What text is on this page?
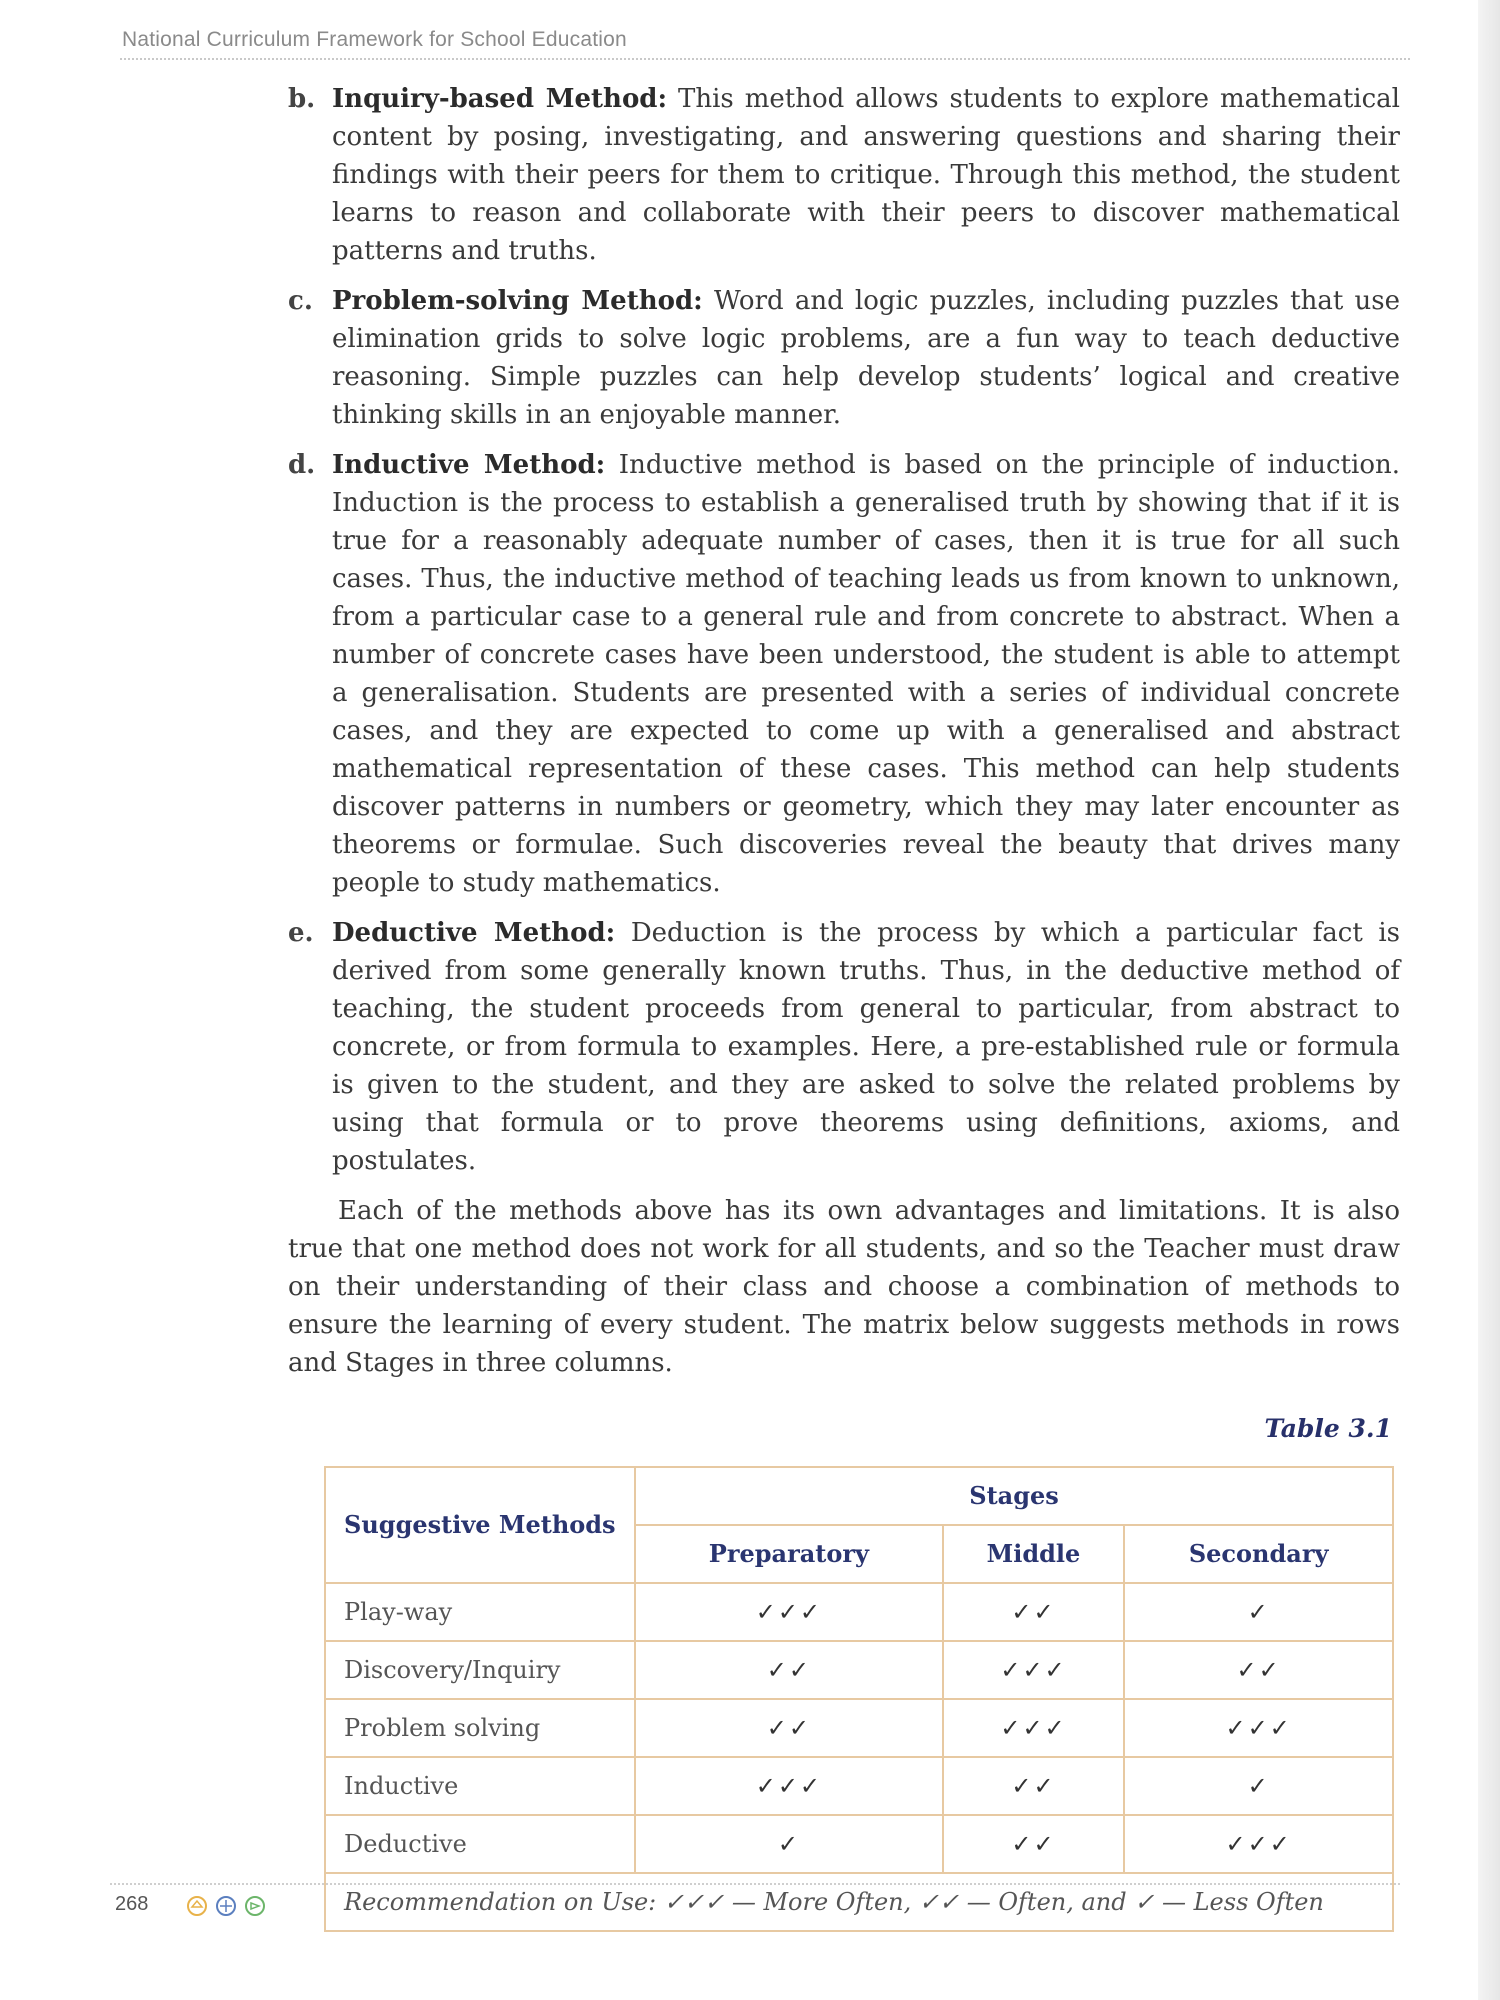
National Curriculum Framework for School Education
b. Inquiry-based Method: This method allows students to explore mathematical content by posing, investigating, and answering questions and sharing their findings with their peers for them to critique. Through this method, the student learns to reason and collaborate with their peers to discover mathematical patterns and truths.
c. Problem-solving Method: Word and logic puzzles, including puzzles that use elimination grids to solve logic problems, are a fun way to teach deductive reasoning. Simple puzzles can help develop students’ logical and creative thinking skills in an enjoyable manner.
d. Inductive Method: Inductive method is based on the principle of induction. Induction is the process to establish a generalised truth by showing that if it is true for a reasonably adequate number of cases, then it is true for all such cases. Thus, the inductive method of teaching leads us from known to unknown, from a particular case to a general rule and from concrete to abstract. When a number of concrete cases have been understood, the student is able to attempt a generalisation. Students are presented with a series of individual concrete cases, and they are expected to come up with a generalised and abstract mathematical representation of these cases. This method can help students discover patterns in numbers or geometry, which they may later encounter as theorems or formulae. Such discoveries reveal the beauty that drives many people to study mathematics.
e. Deductive Method: Deduction is the process by which a particular fact is derived from some generally known truths. Thus, in the deductive method of teaching, the student proceeds from general to particular, from abstract to concrete, or from formula to examples. Here, a pre-established rule or formula is given to the student, and they are asked to solve the related problems by using that formula or to prove theorems using definitions, axioms, and postulates.
Each of the methods above has its own advantages and limitations. It is also true that one method does not work for all students, and so the Teacher must draw on their understanding of their class and choose a combination of methods to ensure the learning of every student. The matrix below suggests methods in rows and Stages in three columns.
Table 3.1
Suggestive Methods	Stages		
	Preparatory	Middle	Secondary
Play-way	✓✓✓	✓✓	✓
Discovery/Inquiry	✓✓	✓✓✓	✓✓
Problem solving	✓✓	✓✓✓	✓✓✓
Inductive	✓✓✓	✓✓	✓
Deductive	✓	✓✓	✓✓✓
Recommendation on Use: ✓✓✓ — More Often, ✓✓ — Often, and ✓ — Less Often			
268
